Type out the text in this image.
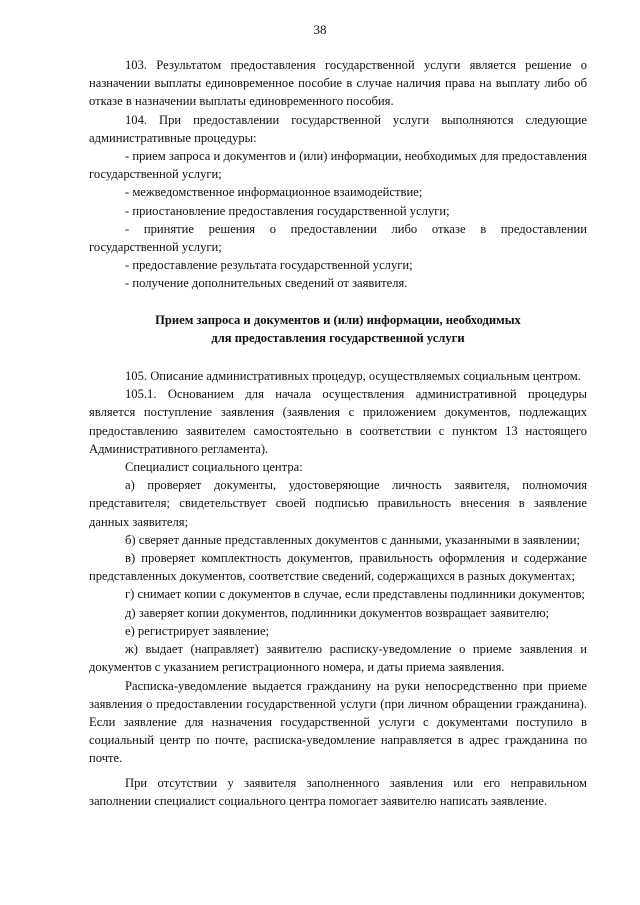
38

103. Результатом предоставления государственной услуги является решение о назначении выплаты единовременное пособие в случае наличия права на выплату либо об отказе в назначении выплаты единовременного пособия.

104. При предоставлении государственной услуги выполняются следующие административные процедуры:

- прием запроса и документов и (или) информации, необходимых для предоставления государственной услуги;

- межведомственное информационное взаимодействие;

- приостановление предоставления государственной услуги;

- принятие решения о предоставлении либо отказе в предоставлении государственной услуги;

- предоставление результата государственной услуги;

- получение дополнительных сведений от заявителя.

Прием запроса и документов и (или) информации, необходимых
для предоставления государственной услуги

105. Описание административных процедур, осуществляемых социальным центром.

105.1. Основанием для начала осуществления административной процедуры является поступление заявления (заявления с приложением документов, подлежащих предоставлению заявителем самостоятельно в соответствии с пунктом 13 настоящего Административного регламента).

Специалист социального центра:

а) проверяет документы, удостоверяющие личность заявителя, полномочия представителя; свидетельствует своей подписью правильность внесения в заявление данных заявителя;

б) сверяет данные представленных документов с данными, указанными в заявлении;

в) проверяет комплектность документов, правильность оформления и содержание представленных документов, соответствие сведений, содержащихся в разных документах;

г) снимает копии с документов в случае, если представлены подлинники документов;

д) заверяет копии документов, подлинники документов возвращает заявителю;

е) регистрирует заявление;

ж) выдает (направляет) заявителю расписку-уведомление о приеме заявления и документов с указанием регистрационного номера, и даты приема заявления.

Расписка-уведомление выдается гражданину на руки непосредственно при приеме заявления о предоставлении государственной услуги (при личном обращении гражданина). Если заявление для назначения государственной услуги с документами поступило в социальный центр по почте, расписка-уведомление направляется в адрес гражданина по почте.

При отсутствии у заявителя заполненного заявления или его неправильном заполнении специалист социального центра помогает заявителю написать заявление.
